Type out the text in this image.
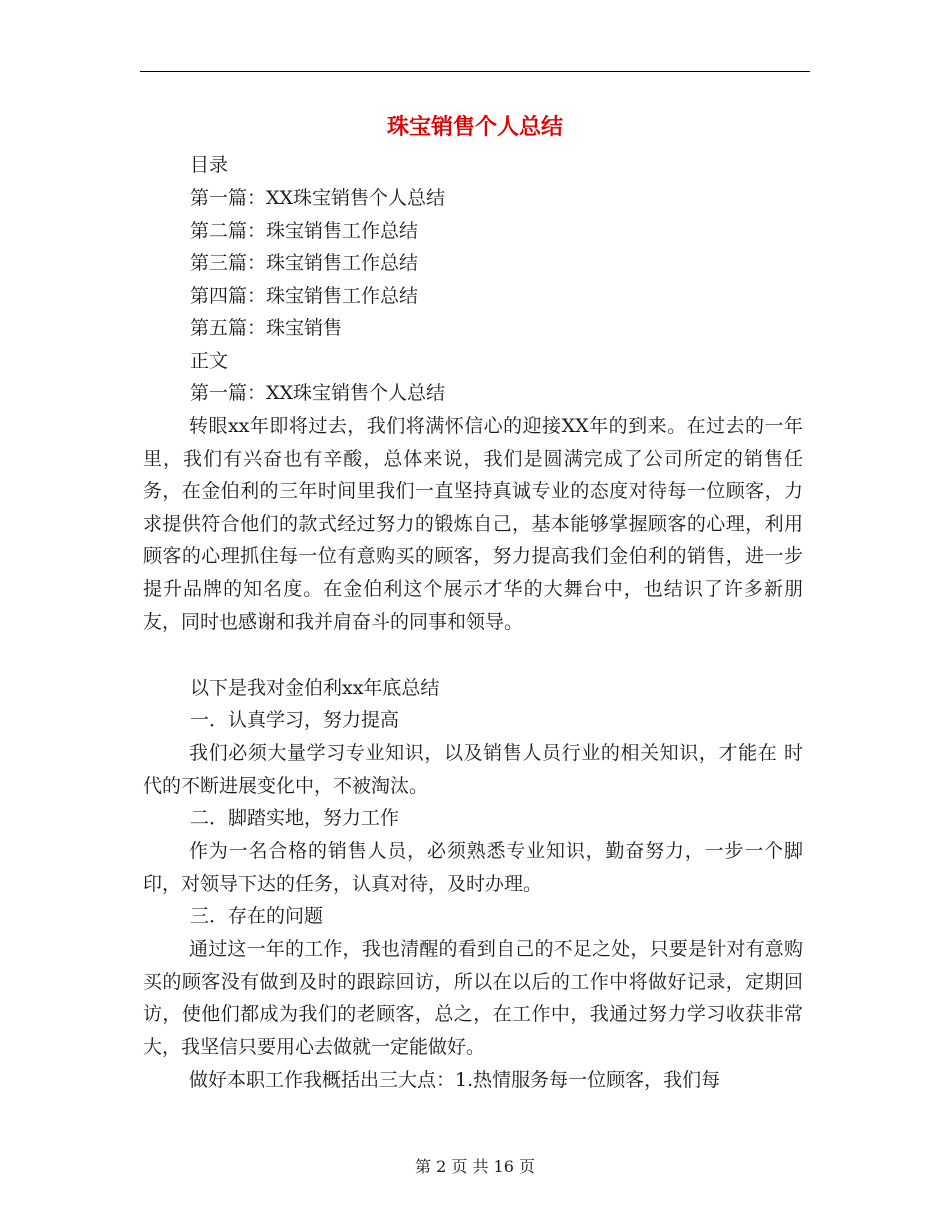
珠宝销售个人总结
目录
第一篇：XX珠宝销售个人总结
第二篇：珠宝销售工作总结
第三篇：珠宝销售工作总结
第四篇：珠宝销售工作总结
第五篇：珠宝销售
正文
第一篇：XX珠宝销售个人总结

转眼xx年即将过去，我们将满怀信心的迎接XX年的到来。在过去的一年里，我们有兴奋也有辛酸，总体来说，我们是圆满完成了公司所定的销售任务，在金伯利的三年时间里我们一直坚持真诚专业的态度对待每一位顾客，力求提供符合他们的款式经过努力的锻炼自己，基本能够掌握顾客的心理，利用顾客的心理抓住每一位有意购买的顾客，努力提高我们金伯利的销售，进一步提升品牌的知名度。在金伯利这个展示才华的大舞台中，也结识了许多新朋友，同时也感谢和我并肩奋斗的同事和领导。

以下是我对金伯利xx年底总结
一．认真学习，努力提高

我们必须大量学习专业知识，以及销售人员行业的相关知识，才能在 时代的不断进展变化中，不被淘汰。

二．脚踏实地，努力工作

作为一名合格的销售人员，必须熟悉专业知识，勤奋努力，一步一个脚印，对领导下达的任务，认真对待，及时办理。

三．存在的问题

通过这一年的工作，我也清醒的看到自己的不足之处，只要是针对有意购买的顾客没有做到及时的跟踪回访，所以在以后的工作中将做好记录，定期回访，使他们都成为我们的老顾客，总之，在工作中，我通过努力学习收获非常大，我坚信只要用心去做就一定能做好。

做好本职工作我概括出三大点：1.热情服务每一位顾客，我们每

第 2 页 共 16 页
